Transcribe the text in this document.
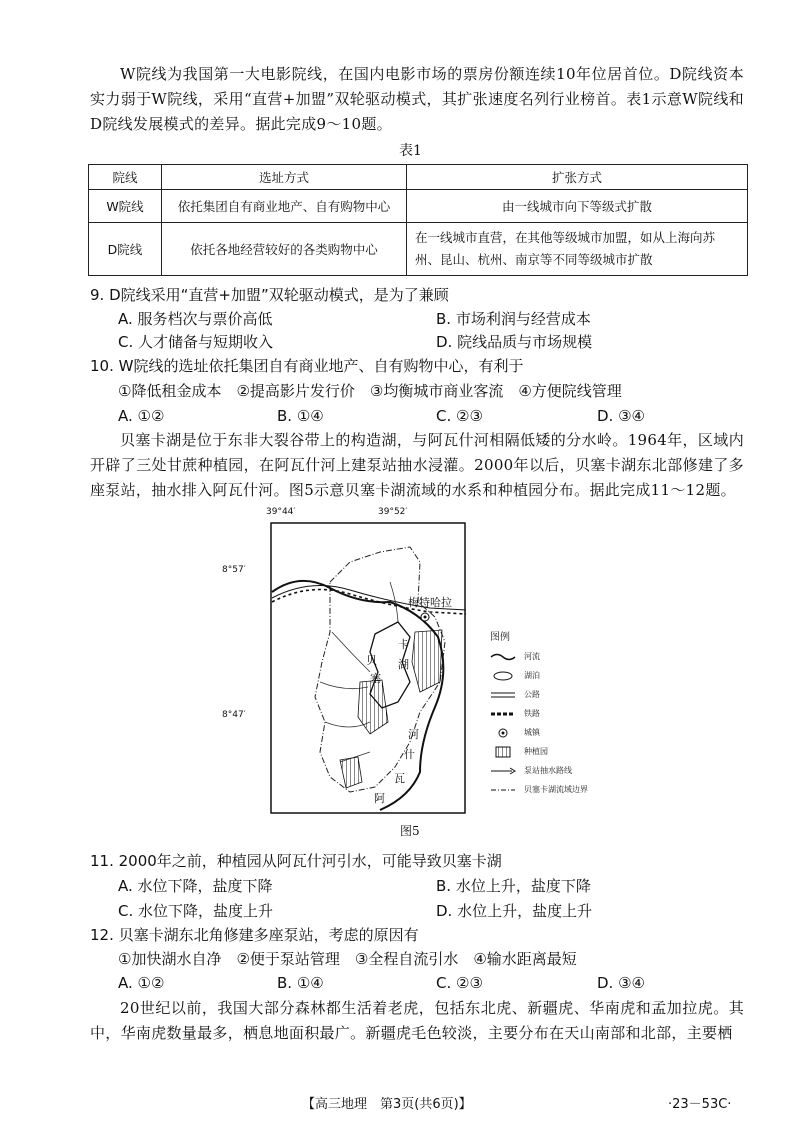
W院线为我国第一大电影院线，在国内电影市场的票房份额连续10年位居首位。D院线资本实力弱于W院线，采用“直营+加盟”双轮驱动模式，其扩张速度名列行业榜首。表1示意W院线和D院线发展模式的差异。据此完成9～10题。
表1
院线	选址方式	扩张方式
W院线	依托集团自有商业地产、自有购物中心	由一线城市向下等级式扩散
D院线	依托各地经营较好的各类购物中心	在一线城市直营，在其他等级城市加盟，如从上海向苏州、昆山、杭州、南京等不同等级城市扩散
9. D院线采用“直营+加盟”双轮驱动模式，是为了兼顾
A. 服务档次与票价高低	B. 市场利润与经营成本
C. 人才储备与短期收入	D. 院线品质与市场规模
10. W院线的选址依托集团自有商业地产、自有购物中心，有利于
①降低租金成本　②提高影片发行价　③均衡城市商业客流　④方便院线管理
A. ①②	B. ①④	C. ②③	D. ③④
贝塞卡湖是位于东非大裂谷带上的构造湖，与阿瓦什河相隔低矮的分水岭。1964年，区域内开辟了三处甘蔗种植园，在阿瓦什河上建泵站抽水浸灌。2000年以后，贝塞卡湖东北部修建了多座泵站，抽水排入阿瓦什河。图5示意贝塞卡湖流域的水系和种植园分布。据此完成11～12题。
39°44′	39°52′
8°57′
8°47′
梅特哈拉
卡
湖
贝
塞
河
什
瓦
阿
图5
图例
河流
湖泊
公路
铁路
城镇
种植园
泵站抽水路线
贝塞卡湖流域边界
11. 2000年之前，种植园从阿瓦什河引水，可能导致贝塞卡湖
A. 水位下降，盐度下降	B. 水位上升，盐度下降
C. 水位下降，盐度上升	D. 水位上升，盐度上升
12. 贝塞卡湖东北角修建多座泵站，考虑的原因有
①加快湖水自净　②便于泵站管理　③全程自流引水　④输水距离最短
A. ①②	B. ①④	C. ②③	D. ③④
20世纪以前，我国大部分森林都生活着老虎，包括东北虎、新疆虎、华南虎和孟加拉虎。其中，华南虎数量最多，栖息地面积最广。新疆虎毛色较淡，主要分布在天山南部和北部，主要栖
【高三地理　第3页(共6页)】	·23－53C·
